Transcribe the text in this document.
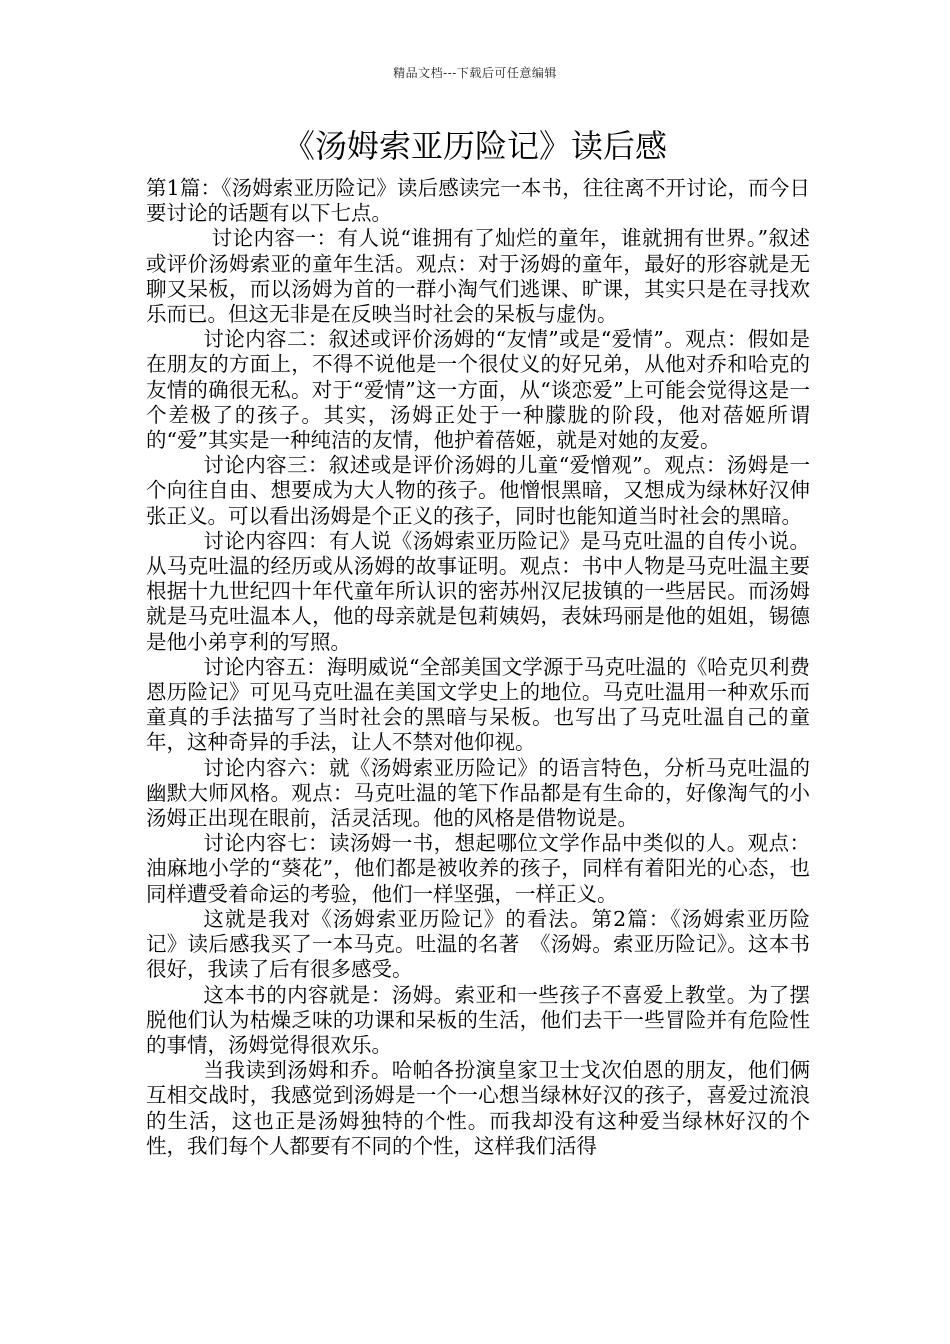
精品文档---下载后可任意编辑
《汤姆索亚历险记》读后感

第1篇：《汤姆索亚历险记》读后感读完一本书，往往离不开讨论，而今日要讨论的话题有以下七点。

讨论内容一：有人说“谁拥有了灿烂的童年，谁就拥有世界。”叙述或评价汤姆索亚的童年生活。观点：对于汤姆的童年，最好的形容就是无聊又呆板，而以汤姆为首的一群小淘气们逃课、旷课，其实只是在寻找欢乐而已。但这无非是在反映当时社会的呆板与虚伪。

讨论内容二：叙述或评价汤姆的“友情”或是“爱情”。观点：假如是在朋友的方面上，不得不说他是一个很仗义的好兄弟，从他对乔和哈克的友情的确很无私。对于“爱情”这一方面，从“谈恋爱”上可能会觉得这是一个差极了的孩子。其实，汤姆正处于一种朦胧的阶段，他对蓓姬所谓的“爱”其实是一种纯洁的友情，他护着蓓姬，就是对她的友爱。

讨论内容三：叙述或是评价汤姆的儿童“爱憎观”。观点：汤姆是一个向往自由、想要成为大人物的孩子。他憎恨黑暗，又想成为绿林好汉伸张正义。可以看出汤姆是个正义的孩子，同时也能知道当时社会的黑暗。

讨论内容四：有人说《汤姆索亚历险记》是马克吐温的自传小说。从马克吐温的经历或从汤姆的故事证明。观点：书中人物是马克吐温主要根据十九世纪四十年代童年所认识的密苏州汉尼拔镇的一些居民。而汤姆就是马克吐温本人，他的母亲就是包莉姨妈，表妹玛丽是他的姐姐，锡德是他小弟亨利的写照。

讨论内容五：海明威说“全部美国文学源于马克吐温的《哈克贝利费恩历险记》可见马克吐温在美国文学史上的地位。马克吐温用一种欢乐而童真的手法描写了当时社会的黑暗与呆板。也写出了马克吐温自己的童年，这种奇异的手法，让人不禁对他仰视。

讨论内容六：就《汤姆索亚历险记》的语言特色，分析马克吐温的幽默大师风格。观点：马克吐温的笔下作品都是有生命的，好像淘气的小汤姆正出现在眼前，活灵活现。他的风格是借物说是。

讨论内容七：读汤姆一书，想起哪位文学作品中类似的人。观点：油麻地小学的“葵花”，他们都是被收养的孩子，同样有着阳光的心态，也同样遭受着命运的考验，他们一样坚强，一样正义。

这就是我对《汤姆索亚历险记》的看法。第2篇：《汤姆索亚历险记》读后感我买了一本马克。吐温的名著　《汤姆。索亚历险记》。这本书很好，我读了后有很多感受。

这本书的内容就是：汤姆。索亚和一些孩子不喜爱上教堂。为了摆脱他们认为枯燥乏味的功课和呆板的生活，他们去干一些冒险并有危险性的事情，汤姆觉得很欢乐。

当我读到汤姆和乔。哈帕各扮演皇家卫士戈次伯恩的朋友，他们俩互相交战时，我感觉到汤姆是一个一心想当绿林好汉的孩子，喜爱过流浪的生活，这也正是汤姆独特的个性。而我却没有这种爱当绿林好汉的个性，我们每个人都要有不同的个性，这样我们活得
